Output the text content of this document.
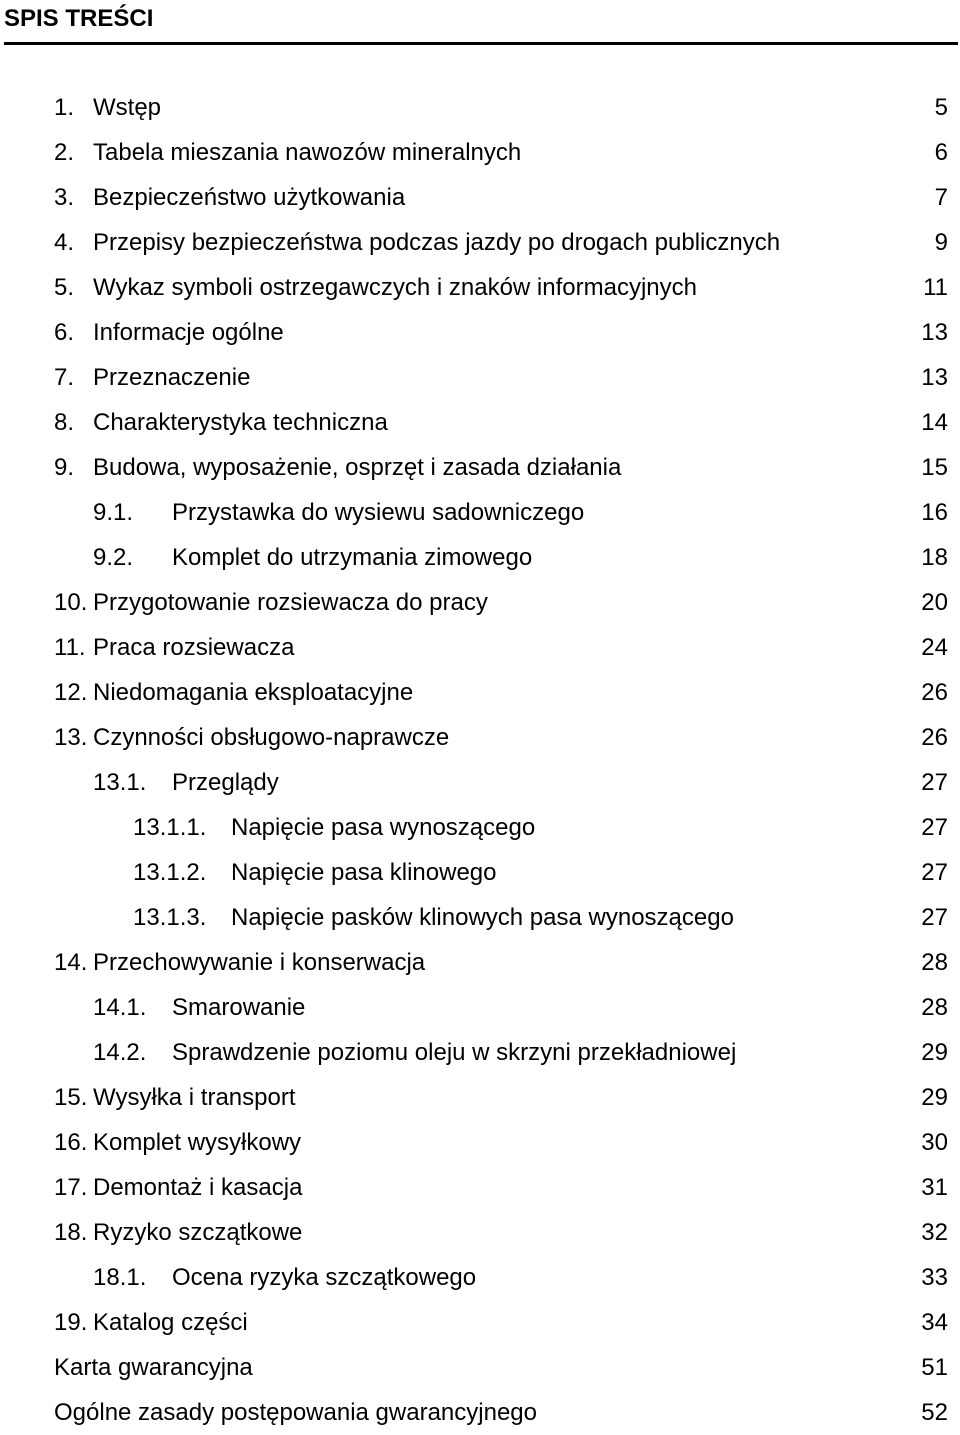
SPIS TREŚCI
1. Wstęp	5
2. Tabela mieszania nawozów mineralnych	6
3. Bezpieczeństwo użytkowania	7
4. Przepisy bezpieczeństwa podczas jazdy po drogach publicznych	9
5. Wykaz symboli ostrzegawczych i znaków informacyjnych	11
6. Informacje ogólne	13
7. Przeznaczenie	13
8. Charakterystyka techniczna	14
9. Budowa, wyposażenie, osprzęt i zasada działania	15
9.1. Przystawka do wysiewu sadowniczego	16
9.2. Komplet do utrzymania zimowego	18
10. Przygotowanie rozsiewacza do pracy	20
11. Praca rozsiewacza	24
12. Niedomagania eksploatacyjne	26
13. Czynności obsługowo-naprawcze	26
13.1. Przeglądy	27
13.1.1. Napięcie pasa wynoszącego	27
13.1.2. Napięcie pasa klinowego	27
13.1.3. Napięcie pasków klinowych pasa wynoszącego	27
14. Przechowywanie i konserwacja	28
14.1. Smarowanie	28
14.2. Sprawdzenie poziomu oleju w skrzyni przekładniowej	29
15. Wysyłka i transport	29
16. Komplet wysyłkowy	30
17. Demontaż i kasacja	31
18. Ryzyko szczątkowe	32
18.1. Ocena ryzyka szczątkowego	33
19. Katalog części	34
Karta gwarancyjna	51
Ogólne zasady postępowania gwarancyjnego	52
